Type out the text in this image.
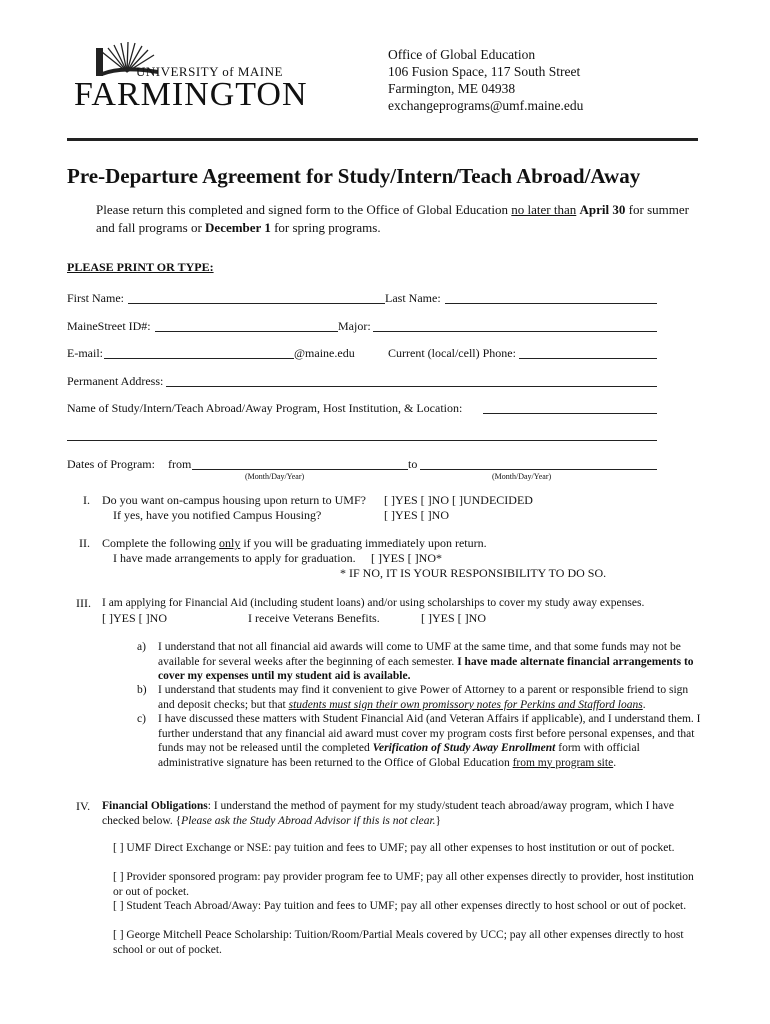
UNIVERSITY of MAINE
FARMINGTON
Office of Global Education
106 Fusion Space, 117 South Street
Farmington, ME 04938
exchangeprograms@umf.maine.edu
Pre-Departure Agreement for Study/Intern/Teach Abroad/Away
Please return this completed and signed form to the Office of Global Education no later than April 30 for summer and fall programs or December 1 for spring programs.
PLEASE PRINT OR TYPE:
First Name:	Last Name:
MaineStreet ID#:	Major:
E-mail:	@maine.edu	Current (local/cell) Phone:
Permanent Address:
Name of Study/Intern/Teach Abroad/Away Program, Host Institution, & Location:
Dates of Program: from	to
(Month/Day/Year)	(Month/Day/Year)
I. Do you want on-campus housing upon return to UMF? [ ]YES [ ]NO [ ]UNDECIDED
If yes, have you notified Campus Housing?	[ ]YES [ ]NO
II. Complete the following only if you will be graduating immediately upon return.
I have made arrangements to apply for graduation. [ ]YES [ ]NO*
* IF NO, IT IS YOUR RESPONSIBILITY TO DO SO.
III. I am applying for Financial Aid (including student loans) and/or using scholarships to cover my study away expenses.
[ ]YES [ ]NO	I receive Veterans Benefits.	[ ]YES [ ]NO
a) I understand that not all financial aid awards will come to UMF at the same time, and that some funds may not be available for several weeks after the beginning of each semester. I have made alternate financial arrangements to cover my expenses until my student aid is available.
b) I understand that students may find it convenient to give Power of Attorney to a parent or responsible friend to sign and deposit checks; but that students must sign their own promissory notes for Perkins and Stafford loans.
c) I have discussed these matters with Student Financial Aid (and Veteran Affairs if applicable), and I understand them. I further understand that any financial aid award must cover my program costs first before personal expenses, and that funds may not be released until the completed Verification of Study Away Enrollment form with official administrative signature has been returned to the Office of Global Education from my program site.
IV. Financial Obligations: I understand the method of payment for my study/student teach abroad/away program, which I have checked below. {Please ask the Study Abroad Advisor if this is not clear.}
[ ] UMF Direct Exchange or NSE: pay tuition and fees to UMF; pay all other expenses to host institution or out of pocket.
[ ] Provider sponsored program: pay provider program fee to UMF; pay all other expenses directly to provider, host institution or out of pocket.
[ ] Student Teach Abroad/Away: Pay tuition and fees to UMF; pay all other expenses directly to host school or out of pocket.
[ ] George Mitchell Peace Scholarship: Tuition/Room/Partial Meals covered by UCC; pay all other expenses directly to host school or out of pocket.
